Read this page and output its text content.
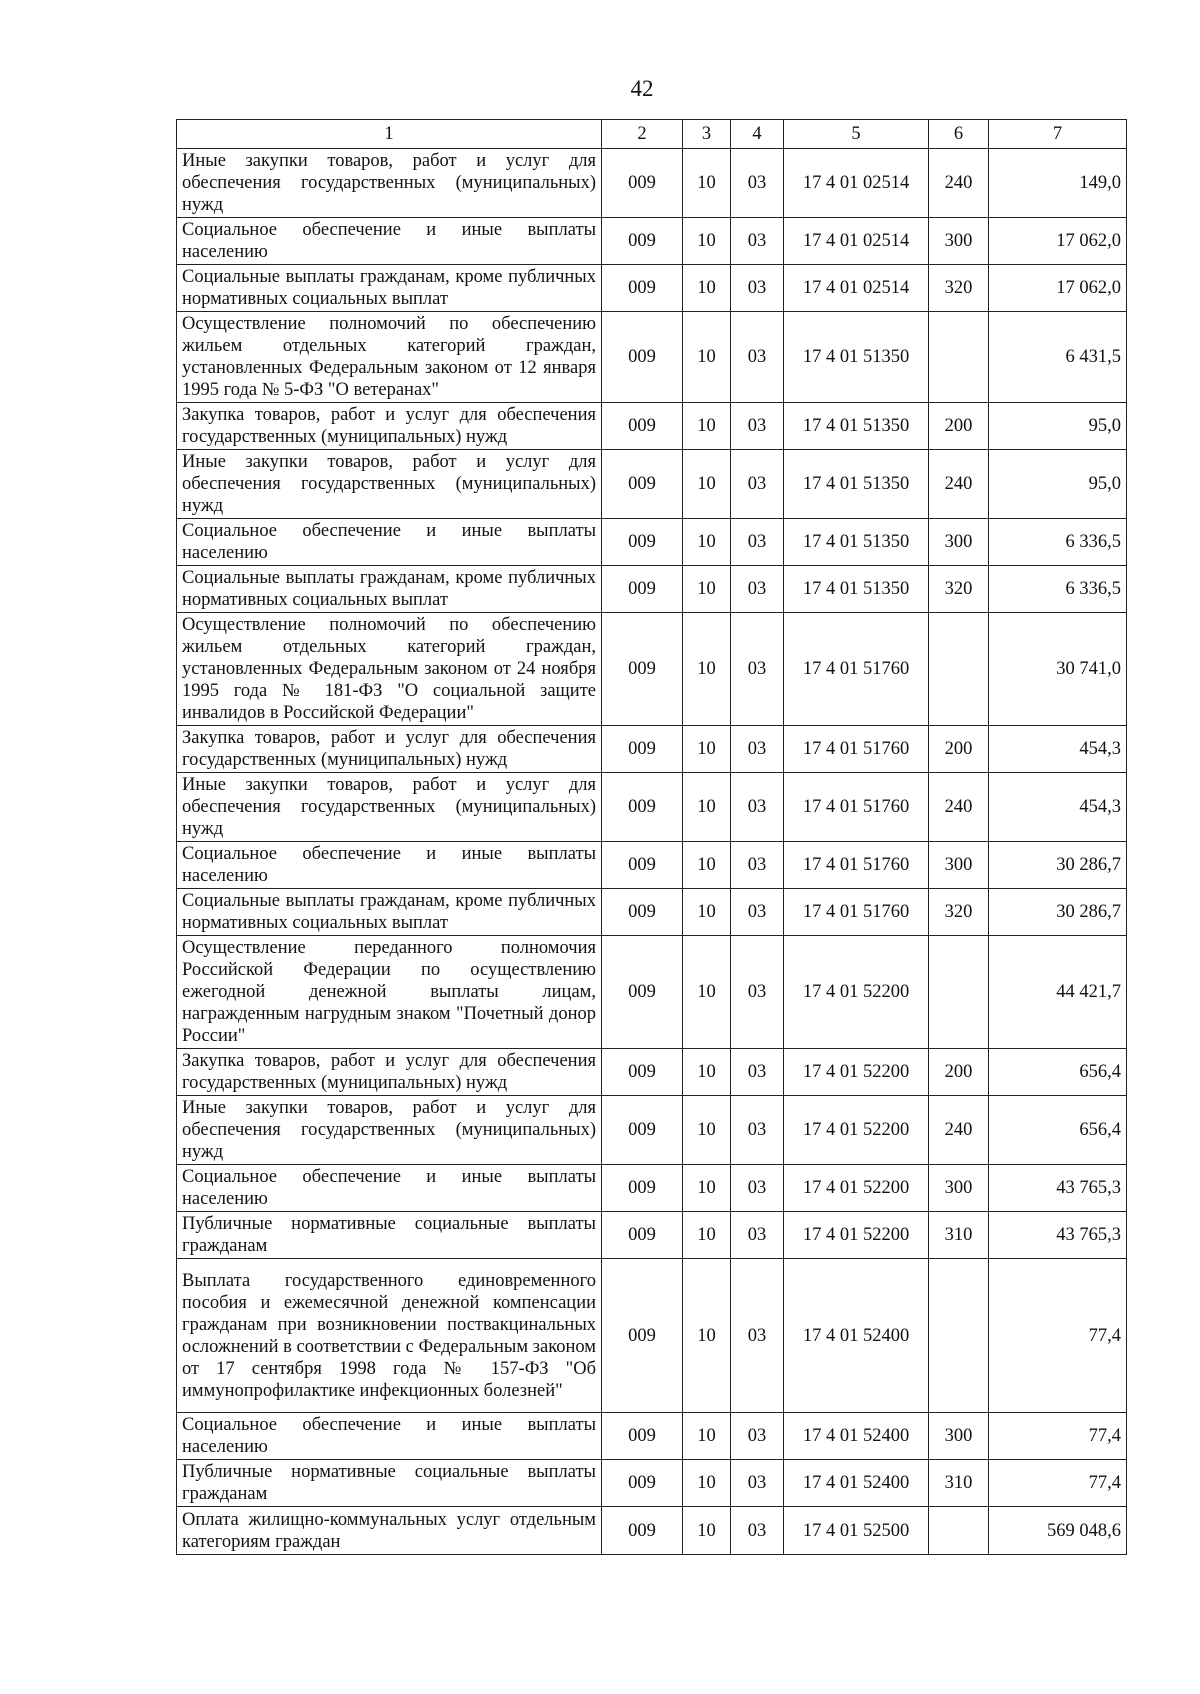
42
1	2	3	4	5	6	7
Иные закупки товаров, работ и услуг для обеспечения государственных (муниципальных) нужд	009	10	03	17 4 01 02514	240	149,0
Социальное обеспечение и иные выплаты населению	009	10	03	17 4 01 02514	300	17 062,0
Социальные выплаты гражданам, кроме публичных нормативных социальных выплат	009	10	03	17 4 01 02514	320	17 062,0
Осуществление полномочий по обеспечению жильем отдельных категорий граждан, установленных Федеральным законом от 12 января 1995 года № 5-ФЗ "О ветеранах"	009	10	03	17 4 01 51350		6 431,5
Закупка товаров, работ и услуг для обеспечения государственных (муниципальных) нужд	009	10	03	17 4 01 51350	200	95,0
Иные закупки товаров, работ и услуг для обеспечения государственных (муниципальных) нужд	009	10	03	17 4 01 51350	240	95,0
Социальное обеспечение и иные выплаты населению	009	10	03	17 4 01 51350	300	6 336,5
Социальные выплаты гражданам, кроме публичных нормативных социальных выплат	009	10	03	17 4 01 51350	320	6 336,5
Осуществление полномочий по обеспечению жильем отдельных категорий граждан, установленных Федеральным законом от 24 ноября 1995 года № 181-ФЗ "О социальной защите инвалидов в Российской Федерации"	009	10	03	17 4 01 51760		30 741,0
Закупка товаров, работ и услуг для обеспечения государственных (муниципальных) нужд	009	10	03	17 4 01 51760	200	454,3
Иные закупки товаров, работ и услуг для обеспечения государственных (муниципальных) нужд	009	10	03	17 4 01 51760	240	454,3
Социальное обеспечение и иные выплаты населению	009	10	03	17 4 01 51760	300	30 286,7
Социальные выплаты гражданам, кроме публичных нормативных социальных выплат	009	10	03	17 4 01 51760	320	30 286,7
Осуществление переданного полномочия Российской Федерации по осуществлению ежегодной денежной выплаты лицам, награжденным нагрудным знаком "Почетный донор России"	009	10	03	17 4 01 52200		44 421,7
Закупка товаров, работ и услуг для обеспечения государственных (муниципальных) нужд	009	10	03	17 4 01 52200	200	656,4
Иные закупки товаров, работ и услуг для обеспечения государственных (муниципальных) нужд	009	10	03	17 4 01 52200	240	656,4
Социальное обеспечение и иные выплаты населению	009	10	03	17 4 01 52200	300	43 765,3
Публичные нормативные социальные выплаты гражданам	009	10	03	17 4 01 52200	310	43 765,3
Выплата государственного единовременного пособия и ежемесячной денежной компенсации гражданам при возникновении поствакцинальных осложнений в соответствии с Федеральным законом от 17 сентября 1998 года № 157-ФЗ "Об иммунопрофилактике инфекционных болезней"	009	10	03	17 4 01 52400		77,4
Социальное обеспечение и иные выплаты населению	009	10	03	17 4 01 52400	300	77,4
Публичные нормативные социальные выплаты гражданам	009	10	03	17 4 01 52400	310	77,4
Оплата жилищно-коммунальных услуг отдельным категориям граждан	009	10	03	17 4 01 52500		569 048,6
